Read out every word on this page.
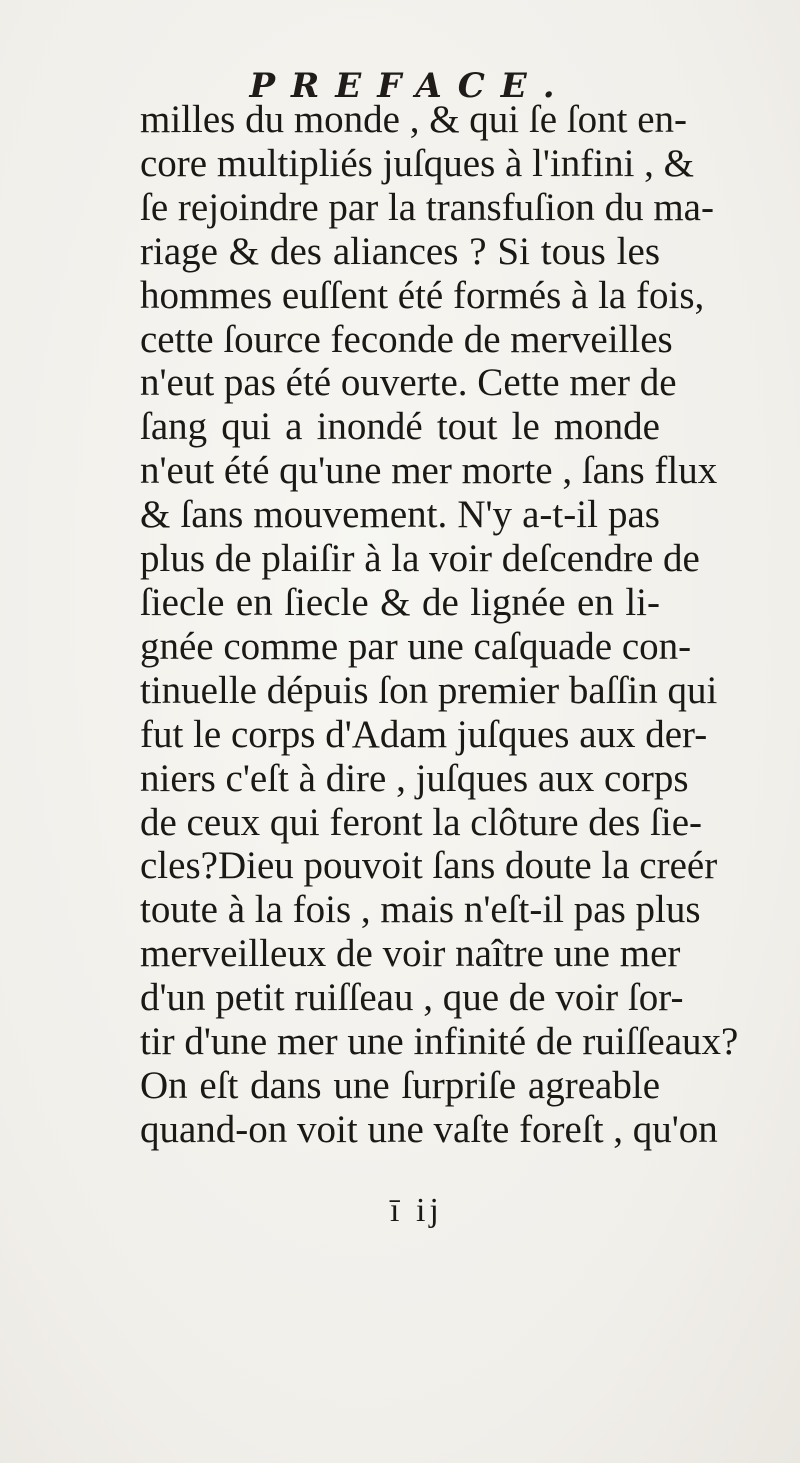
PREFACE.
milles du monde , & qui ſe ſont en-
core multipliés juſques à l'infini , &
ſe rejoindre par la transfuſion du ma-
riage & des aliances ? Si tous les
hommes euſſent été formés à la fois,
cette ſource feconde de merveilles
n'eut pas été ouverte. Cette mer de
ſang qui a inondé tout le monde
n'eut été qu'une mer morte , ſans flux
& ſans mouvement. N'y a-t-il pas
plus de plaiſir à la voir deſcendre de
ſiecle en ſiecle & de lignée en li-
gnée comme par une caſquade con-
tinuelle dépuis ſon premier baſſin qui
fut le corps d'Adam juſques aux der-
niers c'eſt à dire , juſques aux corps
de ceux qui feront la clôture des ſie-
cles?Dieu pouvoit ſans doute la creér
toute à la fois , mais n'eſt-il pas plus
merveilleux de voir naître une mer
d'un petit ruiſſeau , que de voir ſor-
tir d'une mer une infinité de ruiſſeaux?
On eſt dans une ſurpriſe agreable
quand-on voit une vaſte foreſt , qu'on
ī ij
